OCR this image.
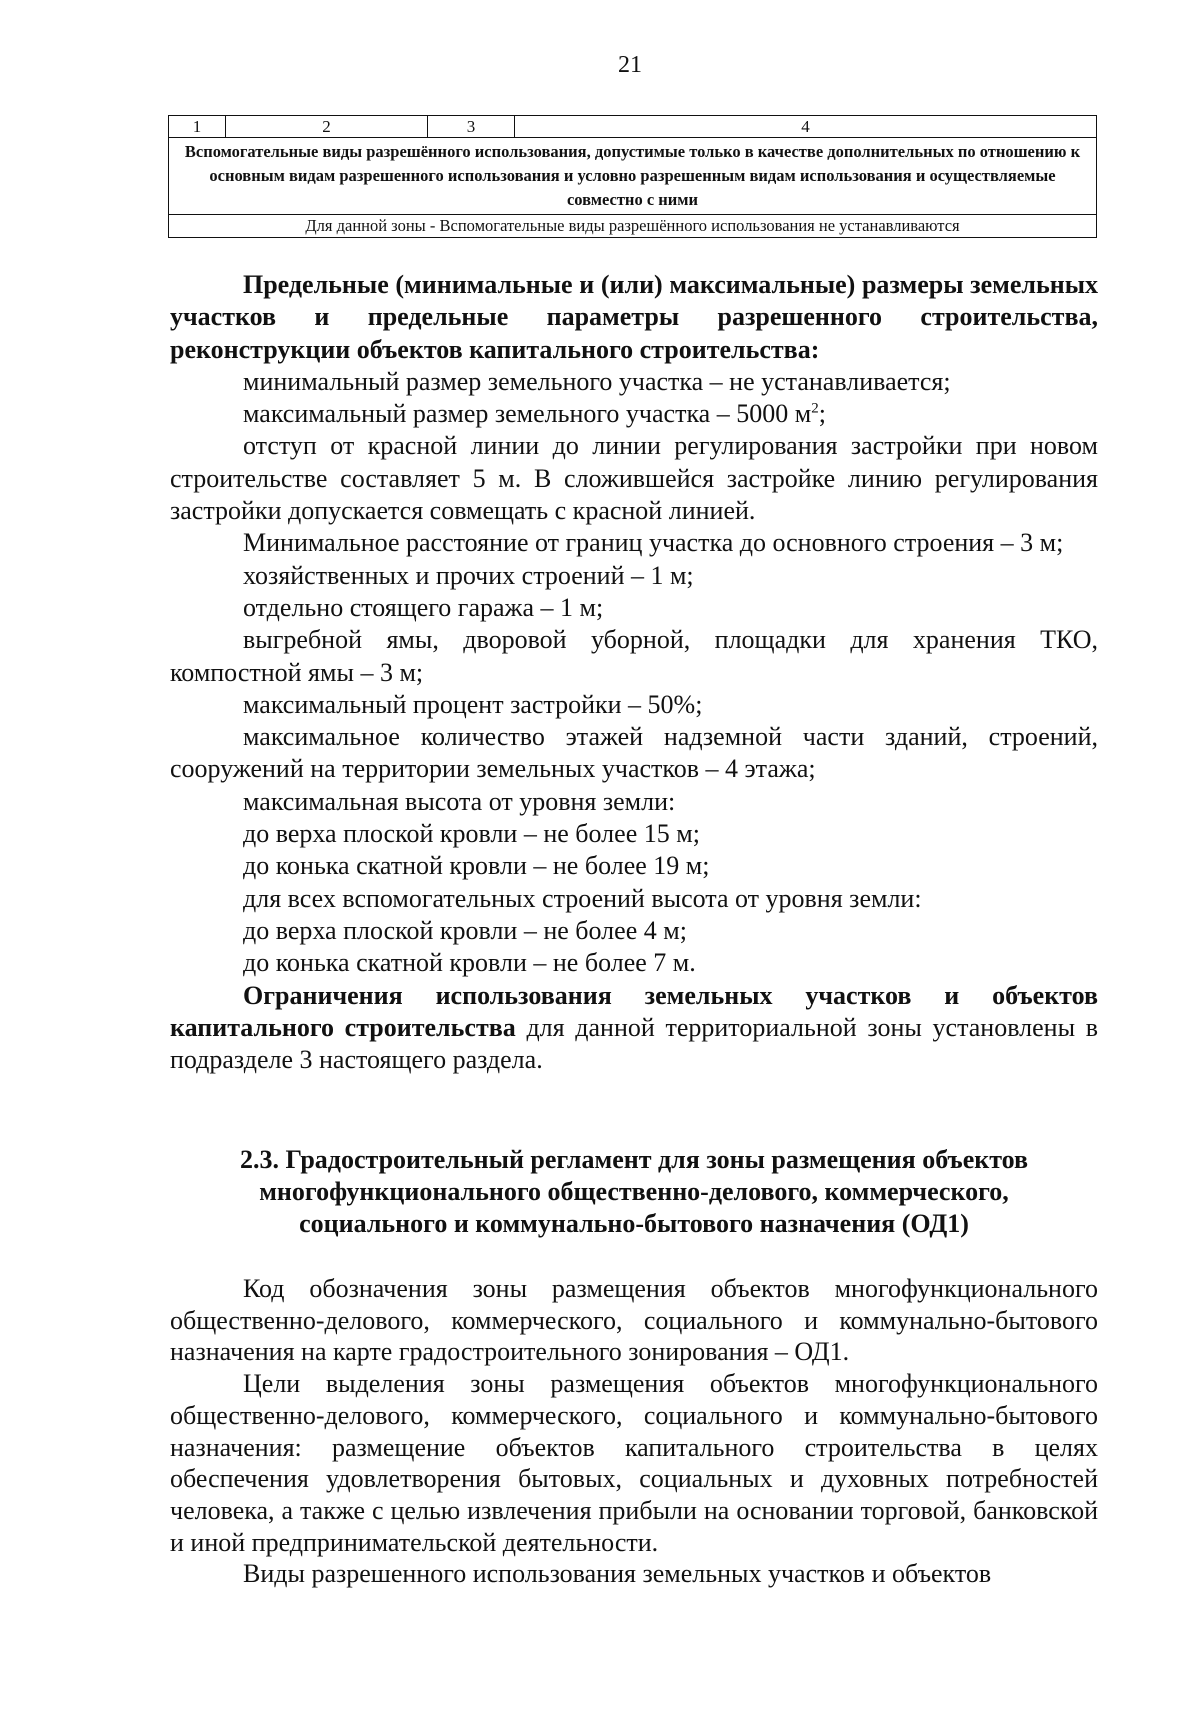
21
1	2	3	4
Вспомогательные виды разрешённого использования, допустимые только в качестве дополнительных по отношению к основным видам разрешенного использования и условно разрешенным видам использования и осуществляемые совместно с ними
Для данной зоны - Вспомогательные виды разрешённого использования не устанавливаются

Предельные (минимальные и (или) максимальные) размеры земельных участков и предельные параметры разрешенного строительства, реконструкции объектов капитального строительства:

минимальный размер земельного участка – не устанавливается;

максимальный размер земельного участка – 5000 $м^2$;

отступ от красной линии до линии регулирования застройки при новом строительстве составляет 5 м. В сложившейся застройке линию регулирования застройки допускается совмещать с красной линией.

Минимальное расстояние от границ участка до основного строения – 3 м;

хозяйственных и прочих строений – 1 м;

отдельно стоящего гаража – 1 м;

выгребной ямы, дворовой уборной, площадки для хранения ТКО, компостной ямы – 3 м;

максимальный процент застройки – 50%;

максимальное количество этажей надземной части зданий, строений, сооружений на территории земельных участков – 4 этажа;

максимальная высота от уровня земли:

до верха плоской кровли – не более 15 м;

до конька скатной кровли – не более 19 м;

для всех вспомогательных строений высота от уровня земли:

до верха плоской кровли – не более 4 м;

до конька скатной кровли – не более 7 м.

Ограничения использования земельных участков и объектов капитального строительства для данной территориальной зоны установлены в подразделе 3 настоящего раздела.

2.3. Градостроительный регламент для зоны размещения объектов
многофункционального общественно-делового, коммерческого,
социального и коммунально-бытового назначения (ОД1)

Код обозначения зоны размещения объектов многофункционального общественно-делового, коммерческого, социального и коммунально-бытового назначения на карте градостроительного зонирования – ОД1.

Цели выделения зоны размещения объектов многофункционального общественно-делового, коммерческого, социального и коммунально-бытового назначения: размещение объектов капитального строительства в целях обеспечения удовлетворения бытовых, социальных и духовных потребностей человека, а также с целью извлечения прибыли на основании торговой, банковской и иной предпринимательской деятельности.

Виды разрешенного использования земельных участков и объектов
